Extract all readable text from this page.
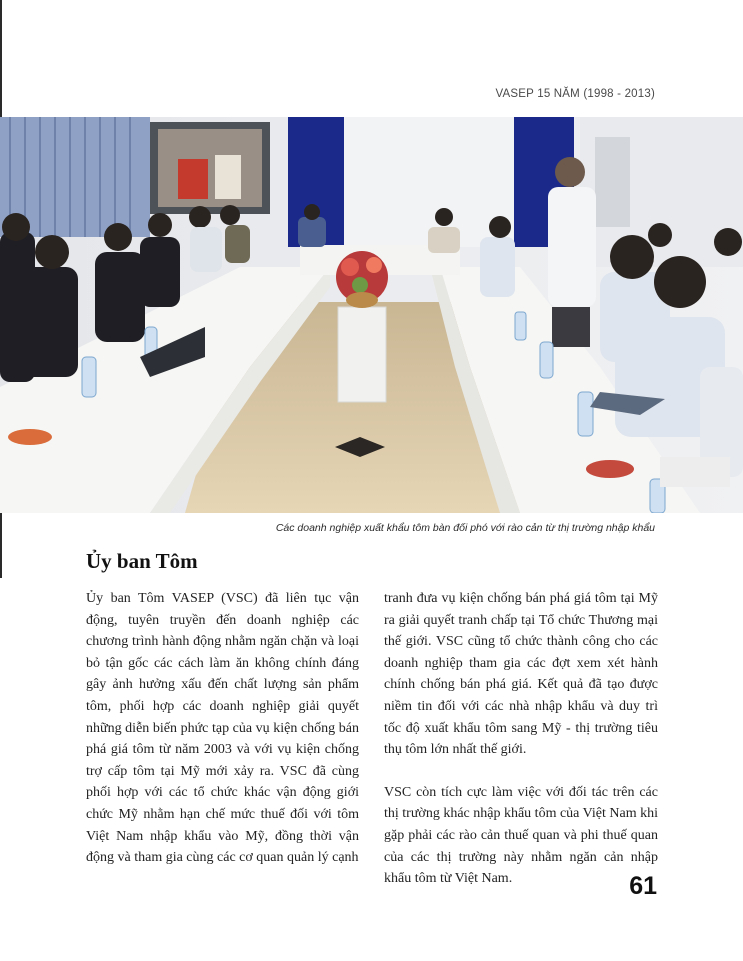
VASEP 15 NĂM (1998 - 2013)
Các doanh nghiệp xuất khẩu tôm bàn đối phó với rào cản từ thị trường nhập khẩu
Ủy ban Tôm

Ủy ban Tôm VASEP (VSC) đã liên tục vận động, tuyên truyền đến doanh nghiệp các chương trình hành động nhằm ngăn chặn và loại bỏ tận gốc các cách làm ăn không chính đáng gây ảnh hưởng xấu đến chất lượng sản phẩm tôm, phối hợp các doanh nghiệp giải quyết những diễn biến phức tạp của vụ kiện chống bán phá giá tôm từ năm 2003 và với vụ kiện chống trợ cấp tôm tại Mỹ mới xảy ra. VSC đã cùng phối hợp với các tổ chức khác vận động giới chức Mỹ nhằm hạn chế mức thuế đối với tôm Việt Nam nhập khẩu vào Mỹ, đồng thời vận động và tham gia cùng các cơ quan quản lý cạnh

tranh đưa vụ kiện chống bán phá giá tôm tại Mỹ ra giải quyết tranh chấp tại Tổ chức Thương mại thế giới. VSC cũng tổ chức thành công cho các doanh nghiệp tham gia các đợt xem xét hành chính chống bán phá giá. Kết quả đã tạo được niềm tin đối với các nhà nhập khẩu và duy trì tốc độ xuất khẩu tôm sang Mỹ - thị trường tiêu thụ tôm lớn nhất thế giới.

VSC còn tích cực làm việc với đối tác trên các thị trường khác nhập khẩu tôm của Việt Nam khi gặp phải các rào cản thuế quan và phi thuế quan của các thị trường này nhằm ngăn cản nhập khẩu tôm từ Việt Nam.	61
